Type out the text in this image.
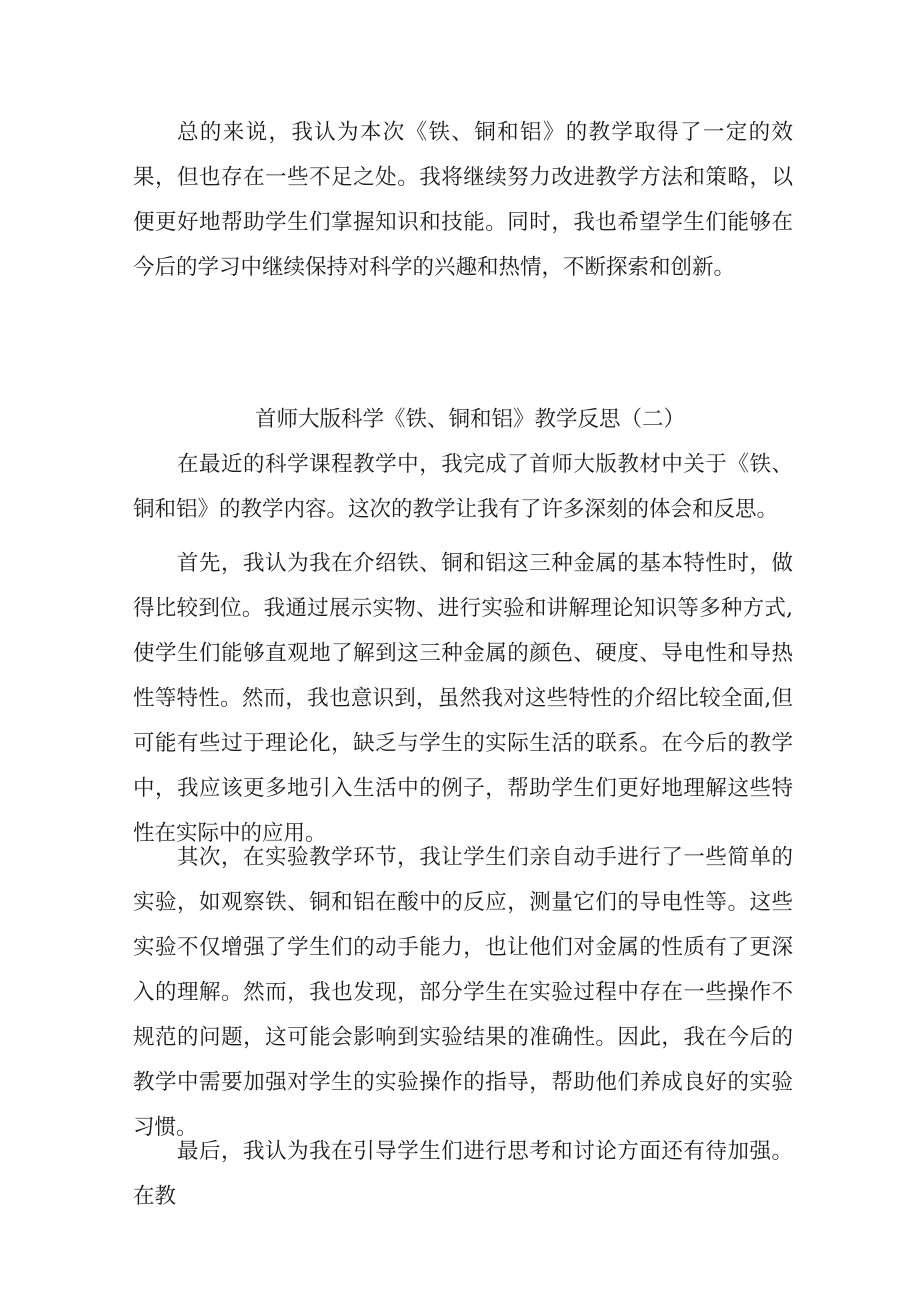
总的来说，我认为本次《铁、铜和铝》的教学取得了一定的效果，但也存在一些不足之处。我将继续努力改进教学方法和策略，以便更好地帮助学生们掌握知识和技能。同时，我也希望学生们能够在今后的学习中继续保持对科学的兴趣和热情，不断探索和创新。

首师大版科学《铁、铜和铝》教学反思（二）

在最近的科学课程教学中，我完成了首师大版教材中关于《铁、铜和铝》的教学内容。这次的教学让我有了许多深刻的体会和反思。

首先，我认为我在介绍铁、铜和铝这三种金属的基本特性时，做得比较到位。我通过展示实物、进行实验和讲解理论知识等多种方式,使学生们能够直观地了解到这三种金属的颜色、硬度、导电性和导热性等特性。然而，我也意识到，虽然我对这些特性的介绍比较全面,但可能有些过于理论化，缺乏与学生的实际生活的联系。在今后的教学中，我应该更多地引入生活中的例子，帮助学生们更好地理解这些特性在实际中的应用。

其次，在实验教学环节，我让学生们亲自动手进行了一些简单的实验，如观察铁、铜和铝在酸中的反应，测量它们的导电性等。这些实验不仅增强了学生们的动手能力，也让他们对金属的性质有了更深入的理解。然而，我也发现，部分学生在实验过程中存在一些操作不规范的问题，这可能会影响到实验结果的准确性。因此，我在今后的教学中需要加强对学生的实验操作的指导，帮助他们养成良好的实验习惯。

最后，我认为我在引导学生们进行思考和讨论方面还有待加强。在教
